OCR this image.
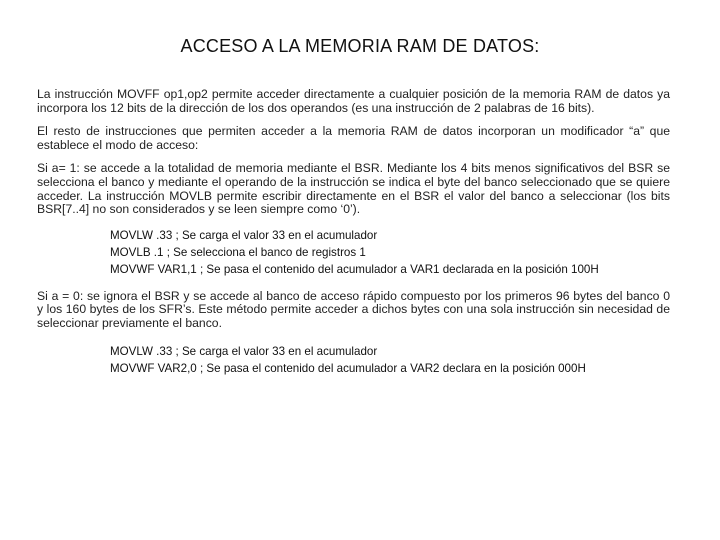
ACCESO A LA MEMORIA RAM DE DATOS:

La instrucción MOVFF op1,op2 permite acceder directamente a cualquier posición de la memoria RAM de datos ya incorpora los 12 bits de la dirección de los dos operandos (es una instrucción de 2 palabras de 16 bits).

El resto de instrucciones que permiten acceder a la memoria RAM de datos incorporan un modificador “a” que establece el modo de acceso:

Si a= 1: se accede a la totalidad de memoria mediante el BSR. Mediante los 4 bits menos significativos del BSR se selecciona el banco y mediante el operando de la instrucción se indica el byte del banco seleccionado que se quiere acceder. La instrucción MOVLB permite escribir directamente en el BSR el valor del banco a seleccionar (los bits BSR[7..4] no son considerados y se leen siempre como ‘0’).

MOVLW .33 ; Se carga el valor 33 en el acumulador
MOVLB .1 ; Se selecciona el banco de registros 1
MOVWF VAR1,1 ; Se pasa el contenido del acumulador a VAR1 declarada en la posición 100H

Si a = 0: se ignora el BSR y se accede al banco de acceso rápido compuesto por los primeros 96 bytes del banco 0 y los 160 bytes de los SFR’s. Este método permite acceder a dichos bytes con una sola instrucción sin necesidad de seleccionar previamente el banco.

MOVLW .33 ; Se carga el valor 33 en el acumulador
MOVWF VAR2,0 ; Se pasa el contenido del acumulador a VAR2 declara en la posición 000H
